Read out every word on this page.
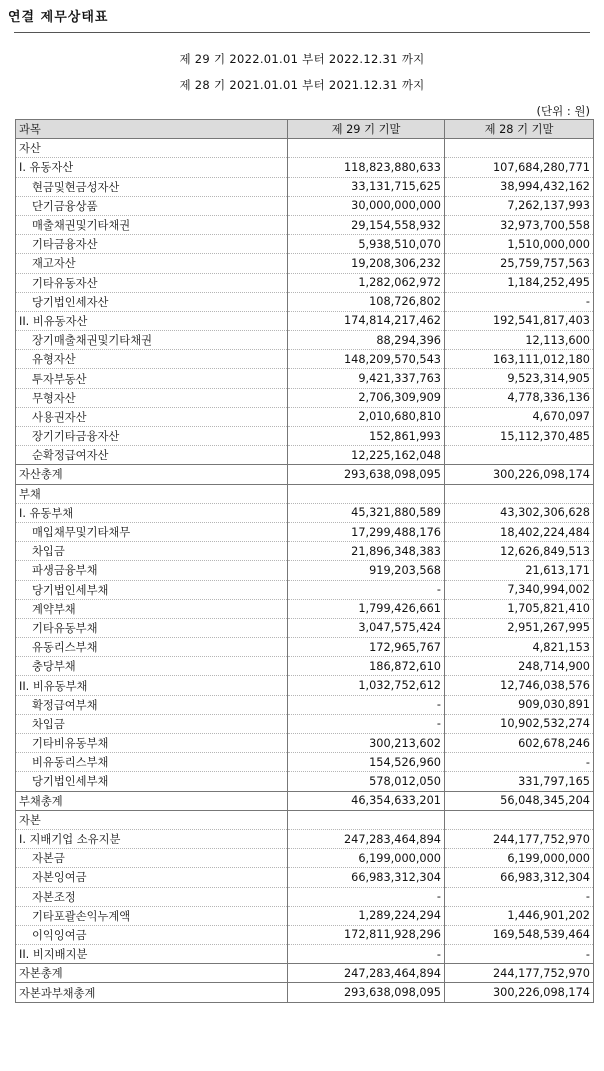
연결 제무상태표
제 29 기 2022.01.01 부터 2022.12.31 까지
제 28 기 2021.01.01 부터 2021.12.31 까지
(단위 : 원)
과목	제 29 기 기말	제 28 기 기말
자산		
I. 유동자산	118,823,880,633	107,684,280,771
현금및현금성자산	33,131,715,625	38,994,432,162
단기금융상품	30,000,000,000	7,262,137,993
매출채권및기타채권	29,154,558,932	32,973,700,558
기타금융자산	5,938,510,070	1,510,000,000
재고자산	19,208,306,232	25,759,757,563
기타유동자산	1,282,062,972	1,184,252,495
당기법인세자산	108,726,802	-
II. 비유동자산	174,814,217,462	192,541,817,403
장기매출채권및기타채권	88,294,396	12,113,600
유형자산	148,209,570,543	163,111,012,180
투자부동산	9,421,337,763	9,523,314,905
무형자산	2,706,309,909	4,778,336,136
사용권자산	2,010,680,810	4,670,097
장기기타금융자산	152,861,993	15,112,370,485
순확정급여자산	12,225,162,048	
자산총계	293,638,098,095	300,226,098,174
부채		
I. 유동부채	45,321,880,589	43,302,306,628
매입채무및기타채무	17,299,488,176	18,402,224,484
차입금	21,896,348,383	12,626,849,513
파생금융부채	919,203,568	21,613,171
당기법인세부채	-	7,340,994,002
계약부채	1,799,426,661	1,705,821,410
기타유동부채	3,047,575,424	2,951,267,995
유동리스부채	172,965,767	4,821,153
충당부채	186,872,610	248,714,900
II. 비유동부채	1,032,752,612	12,746,038,576
확정급여부채	-	909,030,891
차입금	-	10,902,532,274
기타비유동부채	300,213,602	602,678,246
비유동리스부채	154,526,960	-
당기법인세부채	578,012,050	331,797,165
부채총계	46,354,633,201	56,048,345,204
자본		
I. 지배기업 소유지분	247,283,464,894	244,177,752,970
자본금	6,199,000,000	6,199,000,000
자본잉여금	66,983,312,304	66,983,312,304
자본조정	-	-
기타포괄손익누계액	1,289,224,294	1,446,901,202
이익잉여금	172,811,928,296	169,548,539,464
II. 비지배지분	-	-
자본총계	247,283,464,894	244,177,752,970
자본과부채총계	293,638,098,095	300,226,098,174
